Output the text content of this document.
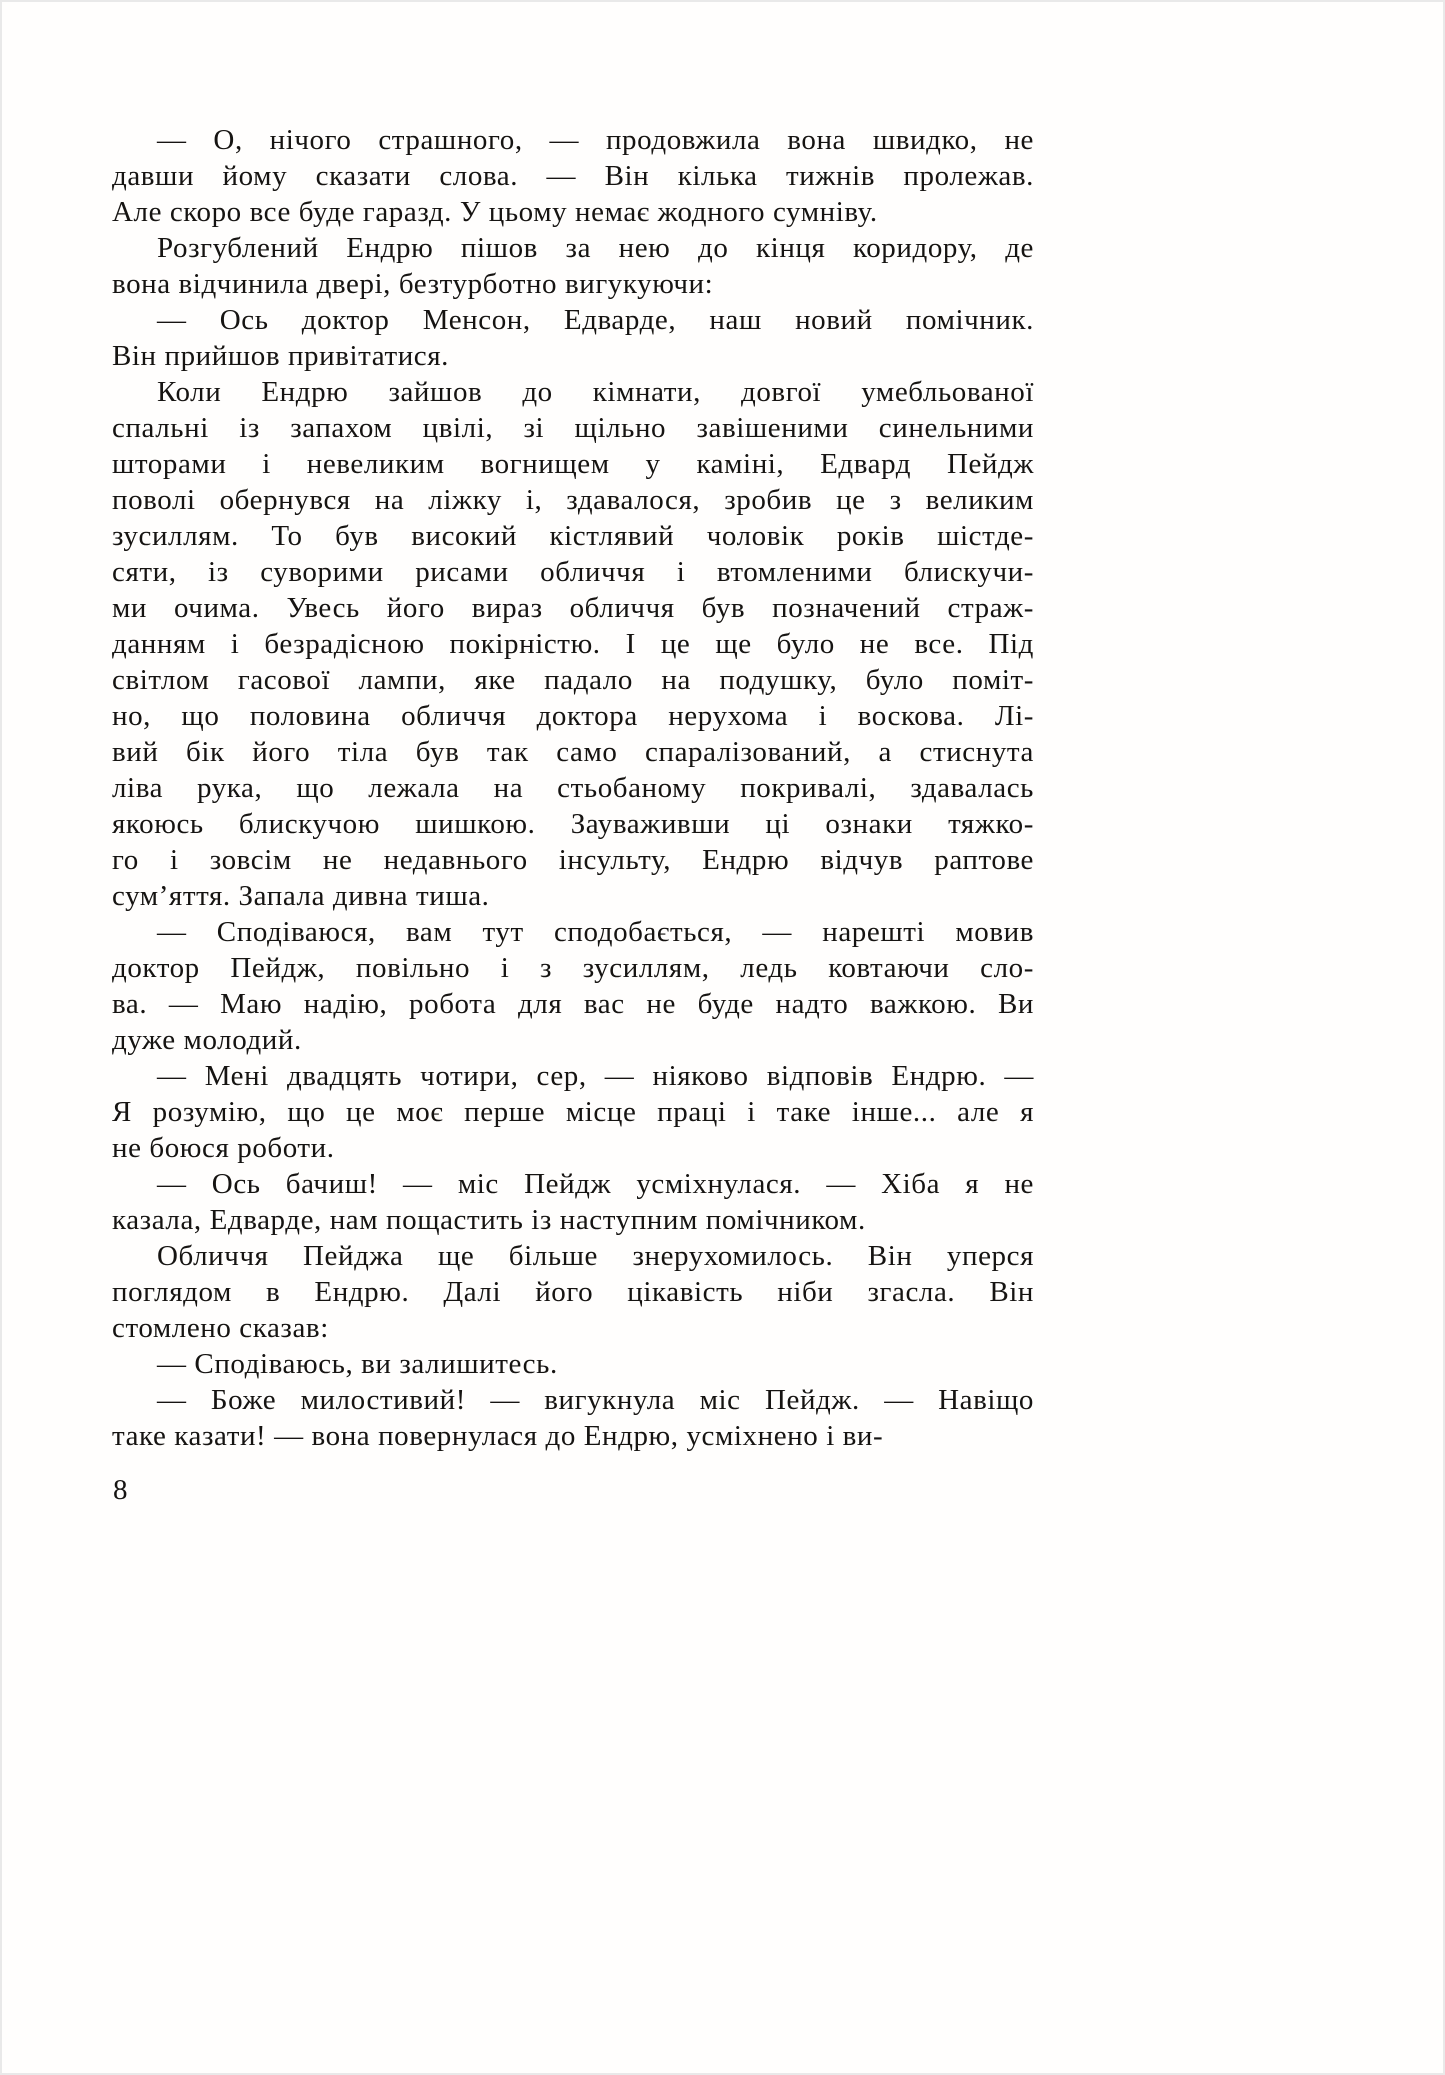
— О, нічого страшного, — продовжила вона швидко, не
давши йому сказати слова. — Він кілька тижнів пролежав.
Але скоро все буде гаразд. У цьому немає жодного сумніву.
Розгублений Ендрю пішов за нею до кінця коридору, де
вона відчинила двері, безтурботно вигукуючи:
— Ось доктор Менсон, Едварде, наш новий помічник.
Він прийшов привітатися.
Коли Ендрю зайшов до кімнати, довгої умебльованої
спальні із запахом цвілі, зі щільно завішеними синельними
шторами і невеликим вогнищем у каміні, Едвард Пейдж
поволі обернувся на ліжку і, здавалося, зробив це з великим
зусиллям. То був високий кістлявий чоловік років шістде-
сяти, із суворими рисами обличчя і втомленими блискучи-
ми очима. Увесь його вираз обличчя був позначений страж-
данням і безрадісною покірністю. І це ще було не все. Під
світлом гасової лампи, яке падало на подушку, було поміт-
но, що половина обличчя доктора нерухома і воскова. Лі-
вий бік його тіла був так само спаралізований, а стиснута
ліва рука, що лежала на стьобаному покривалі, здавалась
якоюсь блискучою шишкою. Зауваживши ці ознаки тяжко-
го і зовсім не недавнього інсульту, Ендрю відчув раптове
сум’яття. Запала дивна тиша.
— Сподіваюся, вам тут сподобається, — нарешті мовив
доктор Пейдж, повільно і з зусиллям, ледь ковтаючи сло-
ва. — Маю надію, робота для вас не буде надто важкою. Ви
дуже молодий.
— Мені двадцять чотири, сер, — ніяково відповів Ендрю. —
Я розумію, що це моє перше місце праці і таке інше... але я
не боюся роботи.
— Ось бачиш! — міс Пейдж усміхнулася. — Хіба я не
казала, Едварде, нам пощастить із наступним помічником.
Обличчя Пейджа ще більше знерухомилось. Він уперся
поглядом в Ендрю. Далі його цікавість ніби згасла. Він
стомлено сказав:
— Сподіваюсь, ви залишитесь.
— Боже милостивий! — вигукнула міс Пейдж. — Навіщо
таке казати! — вона повернулася до Ендрю, усміхнено і ви-
8
